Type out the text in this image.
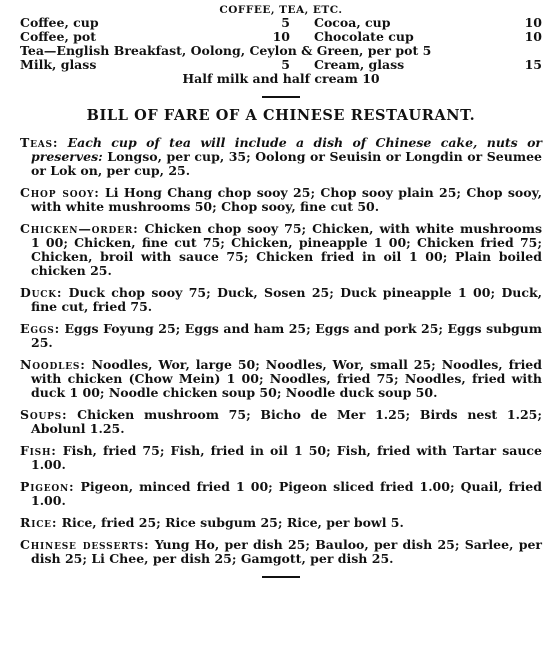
COFFEE, TEA, ETC.
Coffee, cup	5	Cocoa, cup	10
Coffee, pot	10	Chocolate cup	10
Tea—English Breakfast, Oolong, Ceylon & Green, per pot 5
Milk, glass	5	Cream, glass	15
Half milk and half cream 10
BILL OF FARE OF A CHINESE RESTAURANT.

Teas: Each cup of tea will include a dish of Chinese cake, nuts or preserves: Longso, per cup, 35; Oolong or Seuisin or Longdin or Seumee or Lok on, per cup, 25.

Chop sooy: Li Hong Chang chop sooy 25; Chop sooy plain 25; Chop sooy, with white mushrooms 50; Chop sooy, fine cut 50.

Chicken—order: Chicken chop sooy 75; Chicken, with white mushrooms 1 00; Chicken, fine cut 75; Chicken, pineapple 1 00; Chicken fried 75; Chicken, broil with sauce 75; Chicken fried in oil 1 00; Plain boiled chicken 25.

Duck: Duck chop sooy 75; Duck, Sosen 25; Duck pineapple 1 00; Duck, fine cut, fried 75.

Eggs: Eggs Foyung 25; Eggs and ham 25; Eggs and pork 25; Eggs subgum 25.

Noodles: Noodles, Wor, large 50; Noodles, Wor, small 25; Noodles, fried with chicken (Chow Mein) 1 00; Noodles, fried 75; Noodles, fried with duck 1 00; Noodle chicken soup 50; Noodle duck soup 50.

Soups: Chicken mushroom 75; Bicho de Mer 1.25; Birds nest 1.25; Abolunl 1.25.

Fish: Fish, fried 75; Fish, fried in oil 1 50; Fish, fried with Tartar sauce 1.00.

Pigeon: Pigeon, minced fried 1 00; Pigeon sliced fried 1.00; Quail, fried 1.00.

Rice: Rice, fried 25; Rice subgum 25; Rice, per bowl 5.

Chinese desserts: Yung Ho, per dish 25; Bauloo, per dish 25; Sarlee, per dish 25; Li Chee, per dish 25; Gamgott, per dish 25.
